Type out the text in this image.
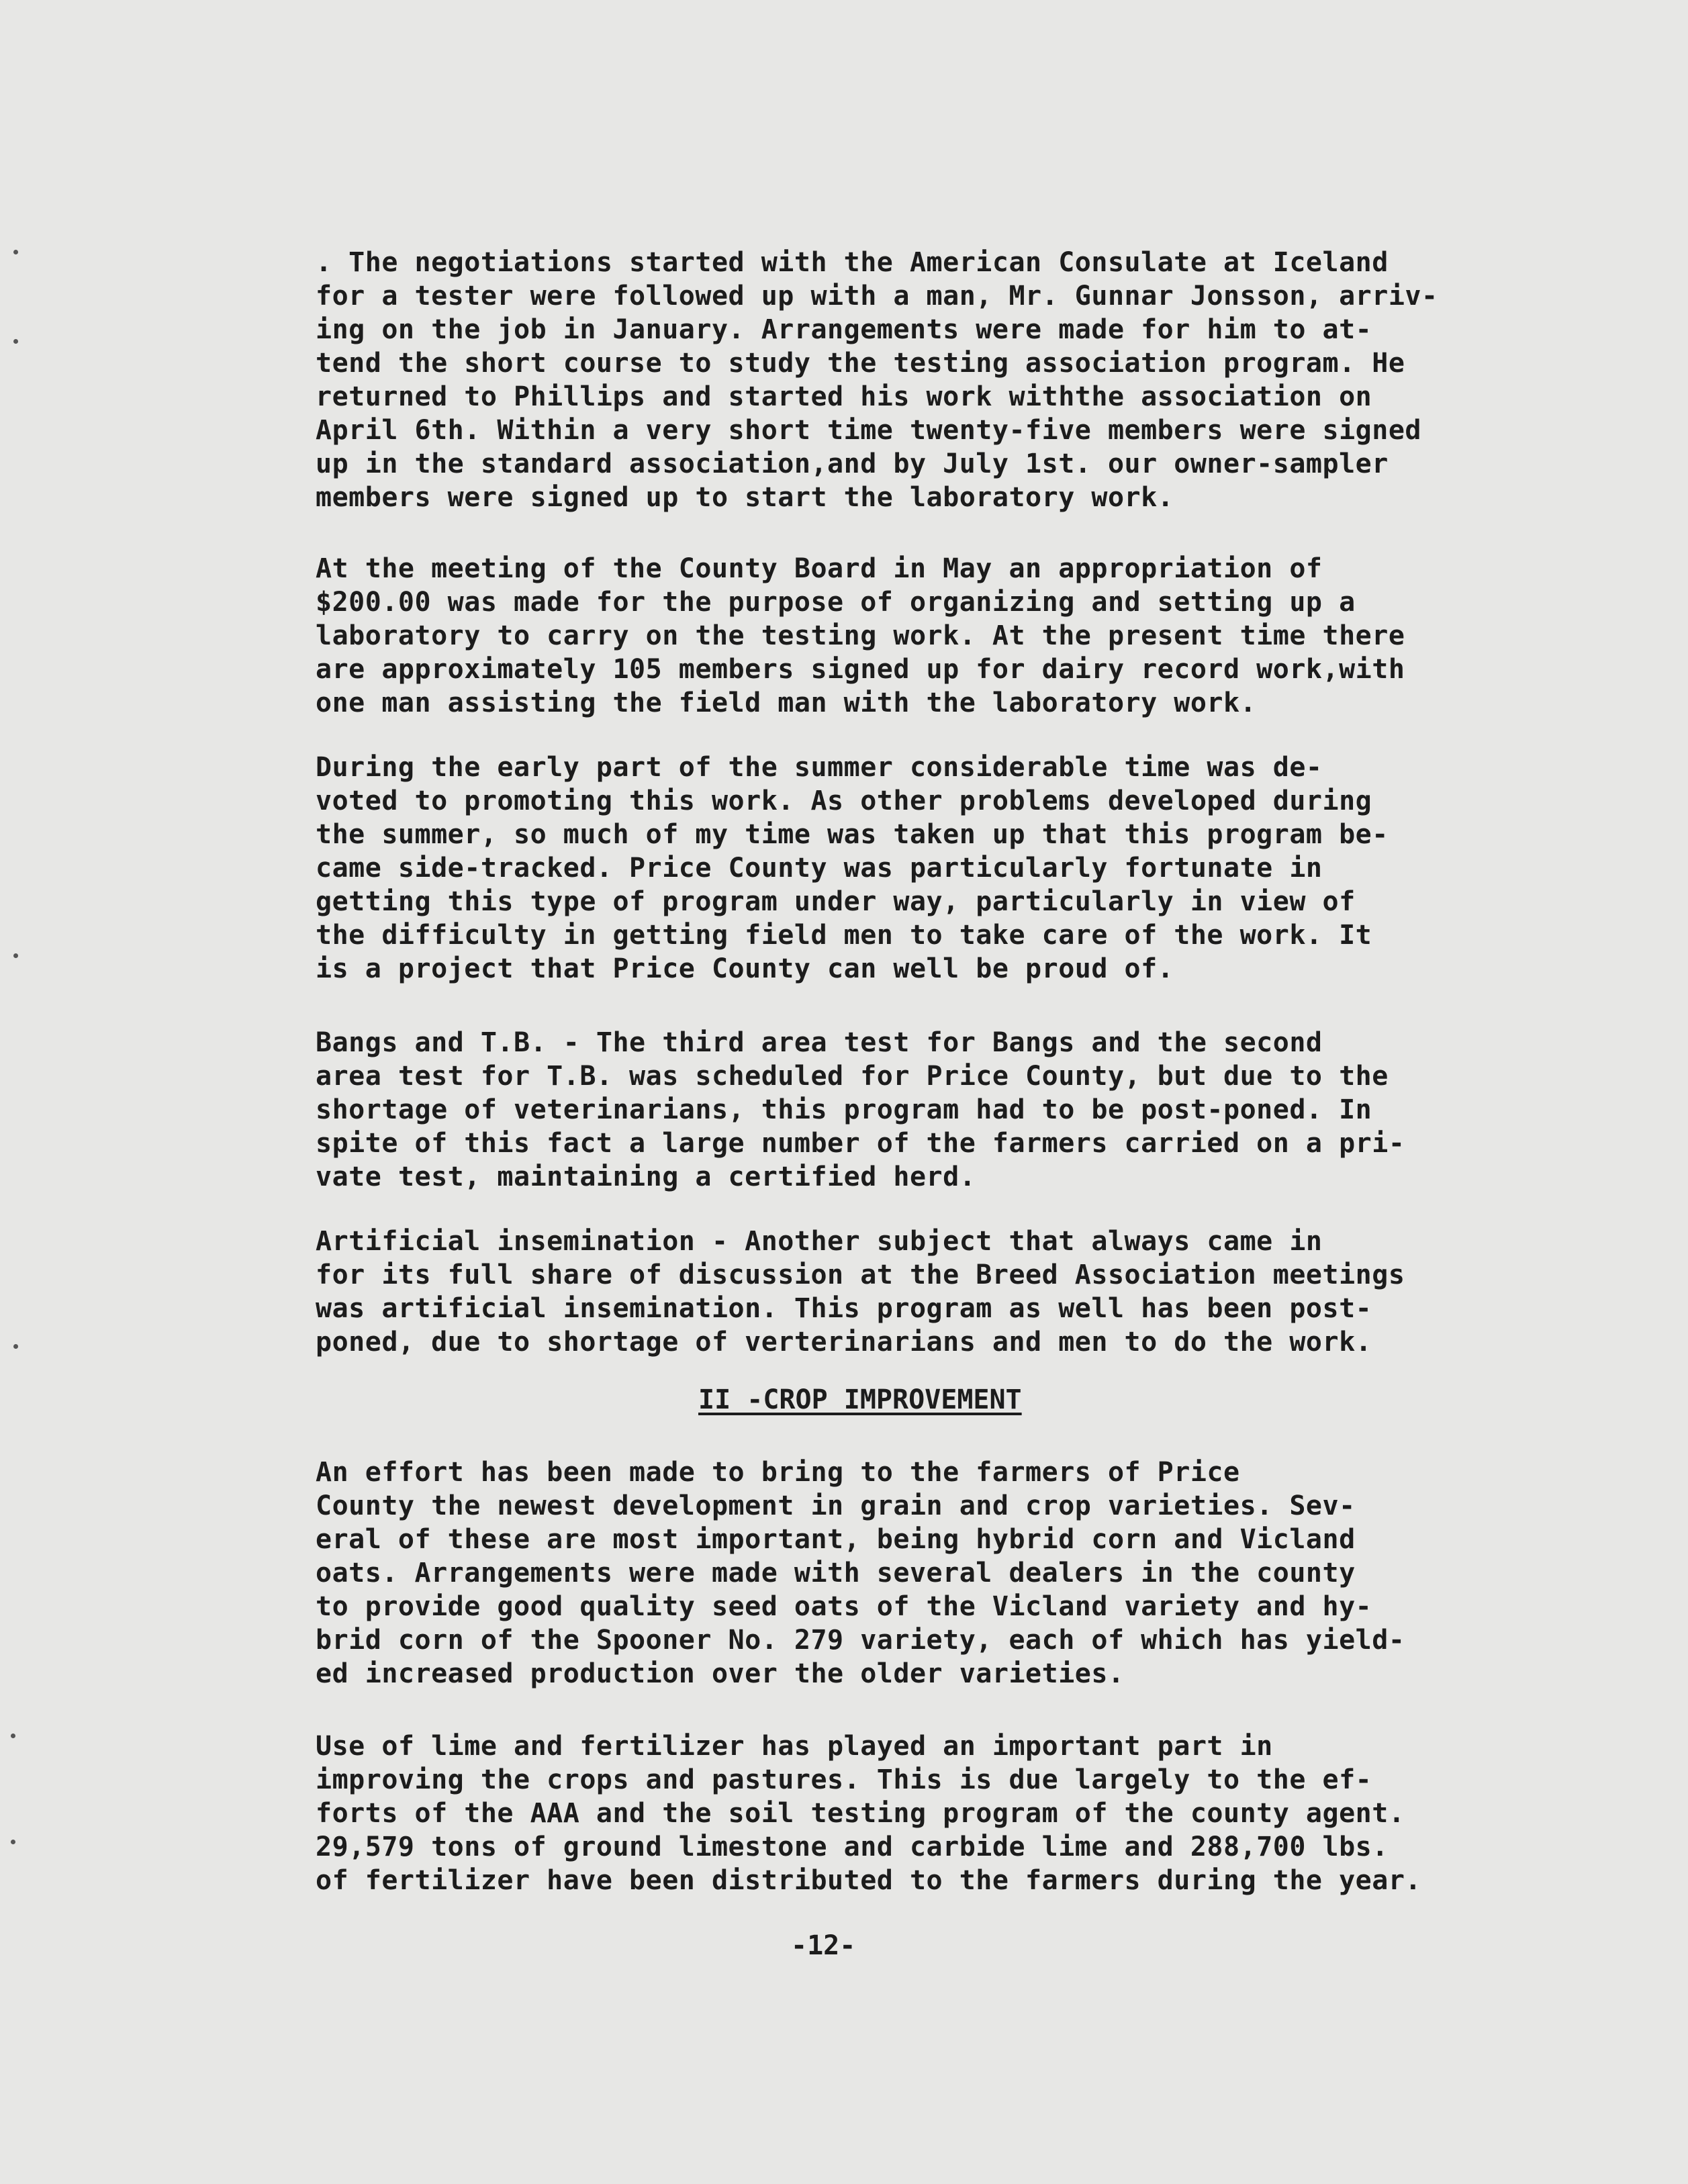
. The negotiations started with the American Consulate at Iceland
for a tester were followed up with a man, Mr. Gunnar Jonsson, arriv-
ing on the job in January. Arrangements were made for him to at-
tend the short course to study the testing association program. He
returned to Phillips and started his work withthe association on
April 6th. Within a very short time twenty-five members were signed
up in the standard association,and by July 1st. our owner-sampler
members were signed up to start the laboratory work.
At the meeting of the County Board in May an appropriation of
$200.00 was made for the purpose of organizing and setting up a
laboratory to carry on the testing work. At the present time there
are approximately 105 members signed up for dairy record work,with
one man assisting the field man with the laboratory work.
During the early part of the summer considerable time was de-
voted to promoting this work. As other problems developed during
the summer, so much of my time was taken up that this program be-
came side-tracked. Price County was particularly fortunate in
getting this type of program under way, particularly in view of
the difficulty in getting field men to take care of the work. It
is a project that Price County can well be proud of.
Bangs and T.B. - The third area test for Bangs and the second
area test for T.B. was scheduled for Price County, but due to the
shortage of veterinarians, this program had to be post-poned. In
spite of this fact a large number of the farmers carried on a pri-
vate test, maintaining a certified herd.
Artificial insemination - Another subject that always came in
for its full share of discussion at the Breed Association meetings
was artificial insemination. This program as well has been post-
poned, due to shortage of verterinarians and men to do the work.
II -CROP IMPROVEMENT
An effort has been made to bring to the farmers of Price
County the newest development in grain and crop varieties. Sev-
eral of these are most important, being hybrid corn and Vicland
oats. Arrangements were made with several dealers in the county
to provide good quality seed oats of the Vicland variety and hy-
brid corn of the Spooner No. 279 variety, each of which has yield-
ed increased production over the older varieties.
Use of lime and fertilizer has played an important part in
improving the crops and pastures. This is due largely to the ef-
forts of the AAA and the soil testing program of the county agent.
29,579 tons of ground limestone and carbide lime and 288,700 lbs.
of fertilizer have been distributed to the farmers during the year.
-12-
